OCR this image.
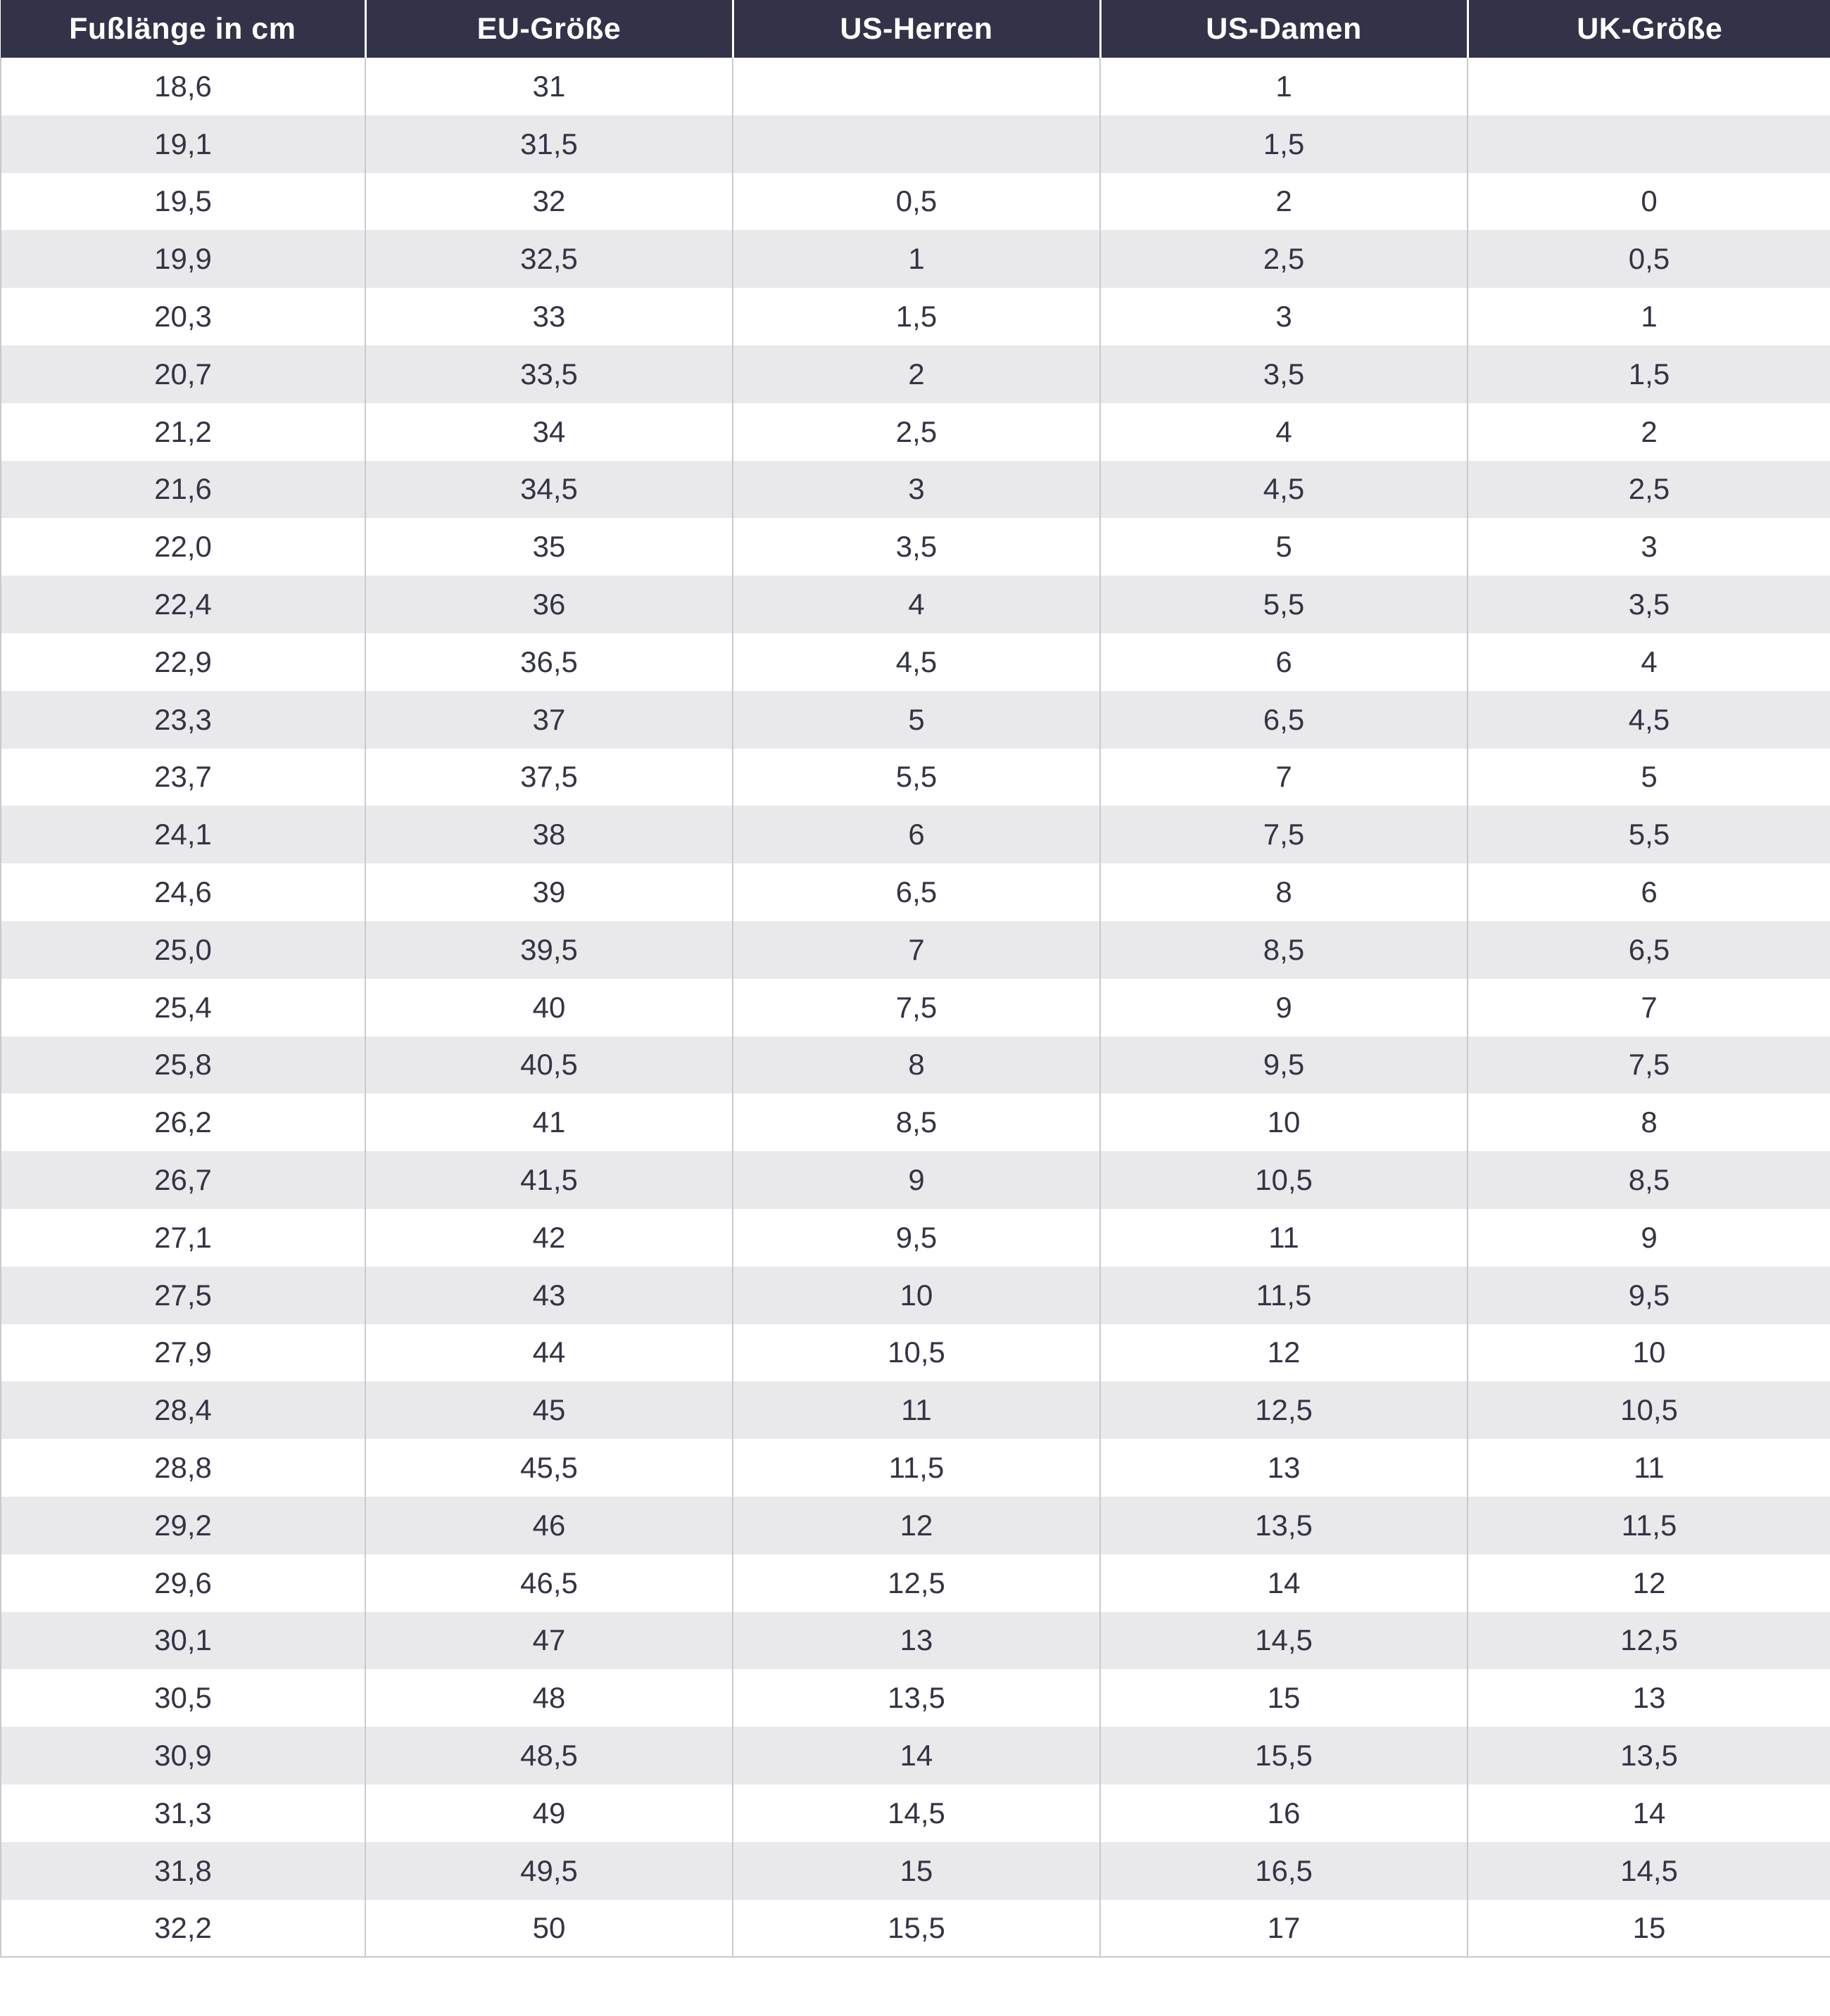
Fußlänge in cm	EU-Größe	US-Herren	US-Damen	UK-Größe
18,6	31		1	
19,1	31,5		1,5	
19,5	32	0,5	2	0
19,9	32,5	1	2,5	0,5
20,3	33	1,5	3	1
20,7	33,5	2	3,5	1,5
21,2	34	2,5	4	2
21,6	34,5	3	4,5	2,5
22,0	35	3,5	5	3
22,4	36	4	5,5	3,5
22,9	36,5	4,5	6	4
23,3	37	5	6,5	4,5
23,7	37,5	5,5	7	5
24,1	38	6	7,5	5,5
24,6	39	6,5	8	6
25,0	39,5	7	8,5	6,5
25,4	40	7,5	9	7
25,8	40,5	8	9,5	7,5
26,2	41	8,5	10	8
26,7	41,5	9	10,5	8,5
27,1	42	9,5	11	9
27,5	43	10	11,5	9,5
27,9	44	10,5	12	10
28,4	45	11	12,5	10,5
28,8	45,5	11,5	13	11
29,2	46	12	13,5	11,5
29,6	46,5	12,5	14	12
30,1	47	13	14,5	12,5
30,5	48	13,5	15	13
30,9	48,5	14	15,5	13,5
31,3	49	14,5	16	14
31,8	49,5	15	16,5	14,5
32,2	50	15,5	17	15
